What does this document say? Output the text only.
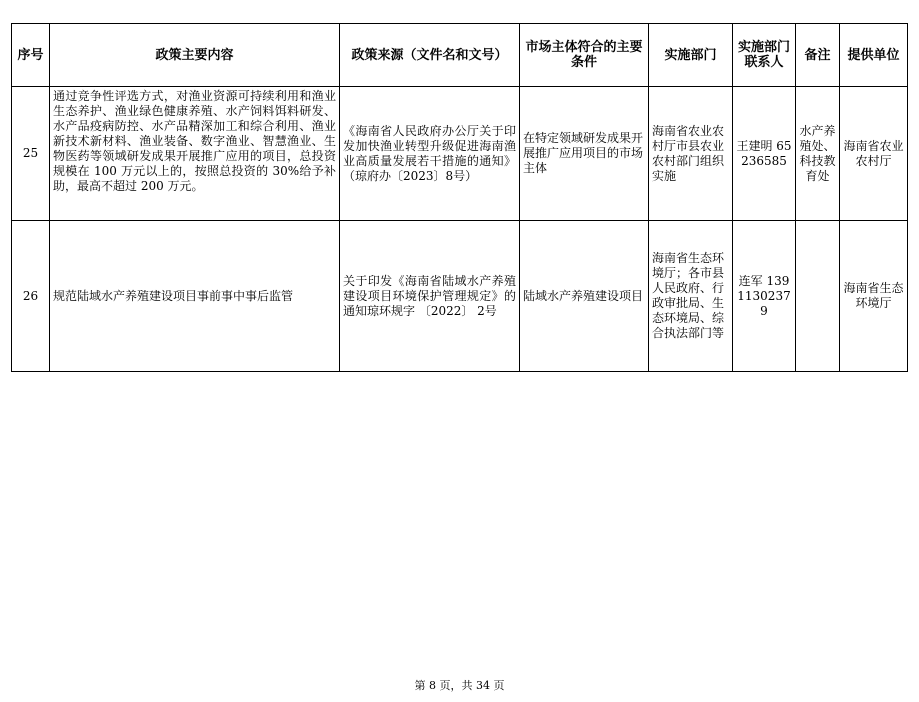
序号	政策主要内容	政策来源（文件名和文号）	市场主体符合的主要条件	实施部门	实施部门联系人	备注	提供单位
25	通过竞争性评选方式，对渔业资源可持续利用和渔业生态养护、渔业绿色健康养殖、水产饲料饵料研发、水产品疫病防控、水产品精深加工和综合利用、渔业新技术新材料、渔业装备、数字渔业、智慧渔业、生物医药等领域研发成果开展推广应用的项目，总投资规模在 100 万元以上的，按照总投资的 30%给予补助，最高不超过 200 万元。	《海南省人民政府办公厅关于印发加快渔业转型升级促进海南渔业高质量发展若干措施的通知》（琼府办〔2023〕8号）	在特定领域研发成果开展推广应用项目的市场主体	海南省农业农村厅市县农业农村部门组织实施	王建明 65236585	水产养殖处、科技教育处	海南省农业农村厅
26	规范陆域水产养殖建设项目事前事中事后监管	关于印发《海南省陆域水产养殖建设项目环境保护管理规定》的通知琼环规字 〔2022〕 2号	陆域水产养殖建设项目	海南省生态环境厅；各市县人民政府、行政审批局、生态环境局、综合执法部门等	连军 13911302379		海南省生态环境厅
第 8 页，共 34 页
